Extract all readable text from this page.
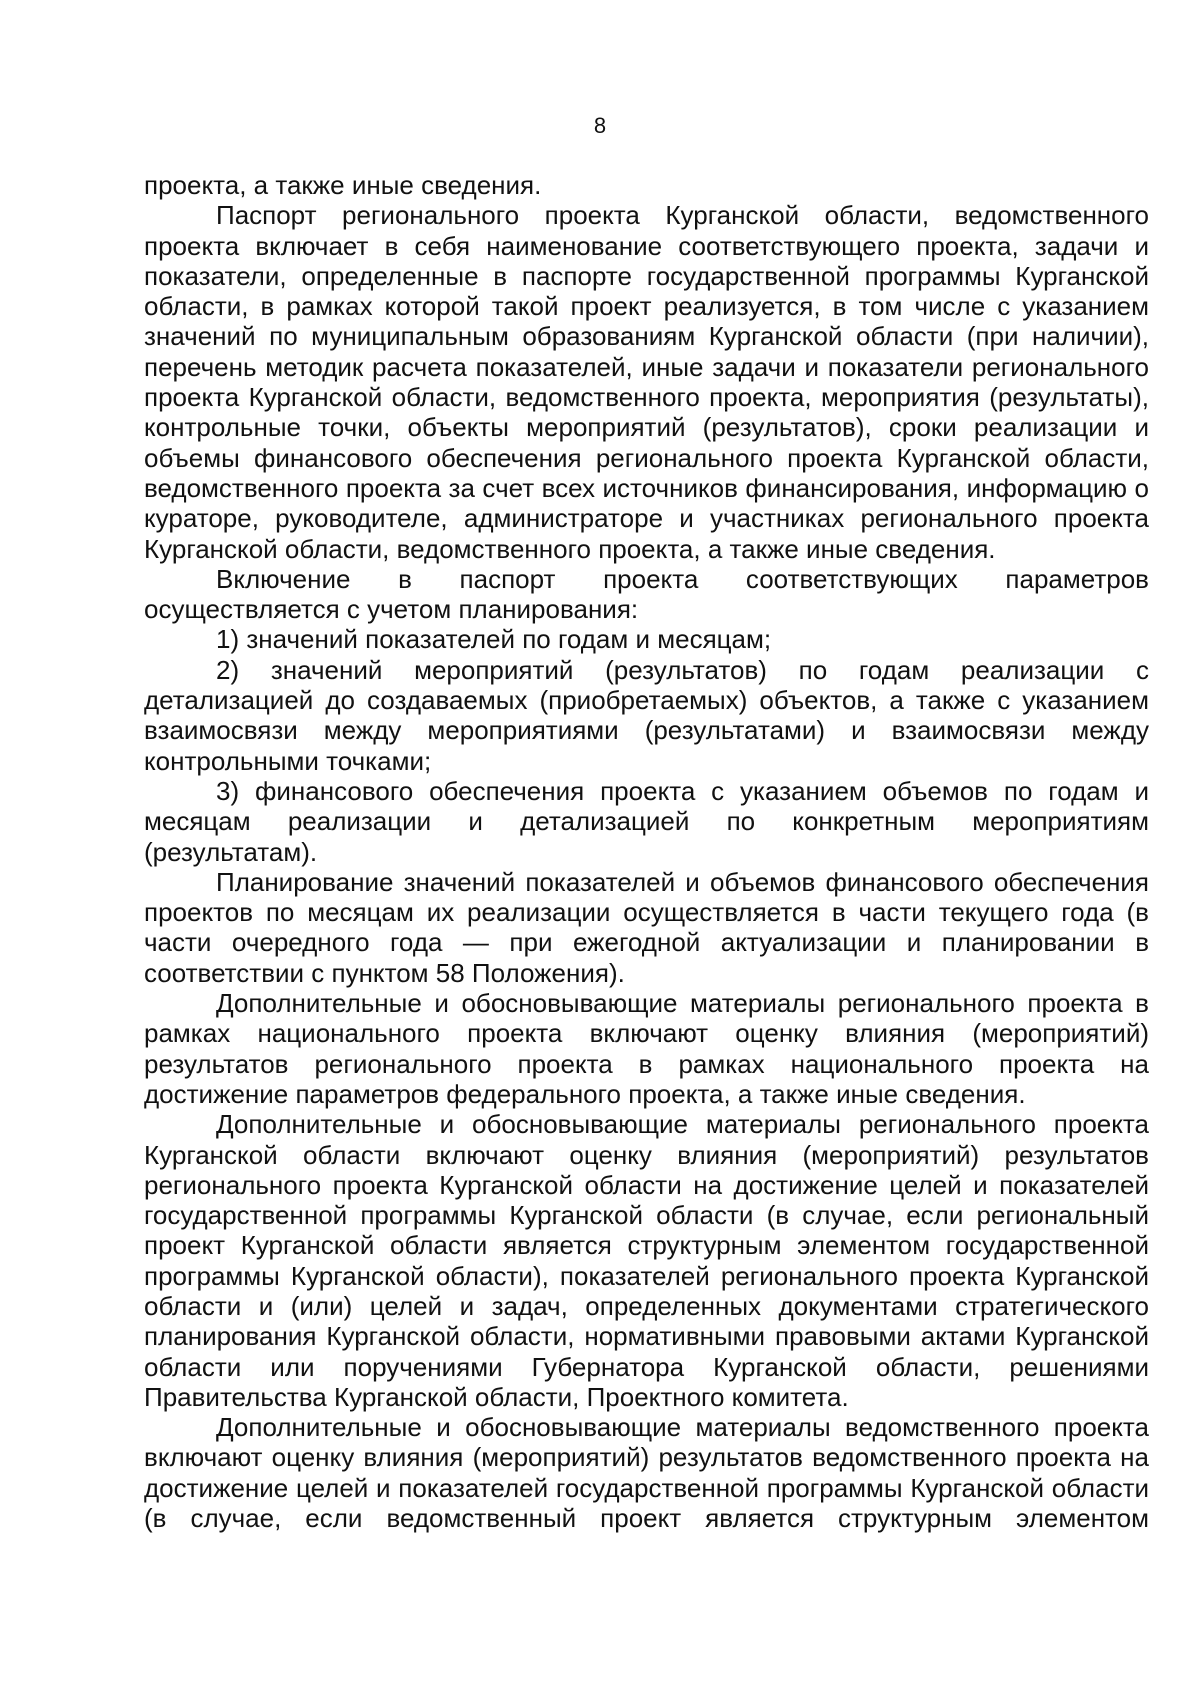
8

проекта, а также иные сведения.

Паспорт регионального проекта Курганской области, ведомственного проекта включает в себя наименование соответствующего проекта, задачи и показатели, определенные в паспорте государственной программы Курганской области, в рамках которой такой проект реализуется, в том числе с указанием значений по муниципальным образованиям Курганской области (при наличии), перечень методик расчета показателей, иные задачи и показатели регионального проекта Курганской области, ведомственного проекта, мероприятия (результаты), контрольные точки, объекты мероприятий (результатов), сроки реализации и объемы финансового обеспечения регионального проекта Курганской области, ведомственного проекта за счет всех источников финансирования, информацию о кураторе, руководителе, администраторе и участниках регионального проекта Курганской области, ведомственного проекта, а также иные сведения.

Включение в паспорт проекта соответствующих параметров осуществляется с учетом планирования:

1) значений показателей по годам и месяцам;

2) значений мероприятий (результатов) по годам реализации с детализацией до создаваемых (приобретаемых) объектов, а также с указанием взаимосвязи между мероприятиями (результатами) и взаимосвязи между контрольными точками;

3) финансового обеспечения проекта с указанием объемов по годам и месяцам реализации и детализацией по конкретным мероприятиям (результатам).

Планирование значений показателей и объемов финансового обеспечения проектов по месяцам их реализации осуществляется в части текущего года (в части очередного года — при ежегодной актуализации и планировании в соответствии с пунктом 58 Положения).

Дополнительные и обосновывающие материалы регионального проекта в рамках национального проекта включают оценку влияния (мероприятий) результатов регионального проекта в рамках национального проекта на достижение параметров федерального проекта, а также иные сведения.

Дополнительные и обосновывающие материалы регионального проекта Курганской области включают оценку влияния (мероприятий) результатов регионального проекта Курганской области на достижение целей и показателей государственной программы Курганской области (в случае, если региональный проект Курганской области является структурным элементом государственной программы Курганской области), показателей регионального проекта Курганской области и (или) целей и задач, определенных документами стратегического планирования Курганской области, нормативными правовыми актами Курганской области или поручениями Губернатора Курганской области, решениями Правительства Курганской области, Проектного комитета.

Дополнительные и обосновывающие материалы ведомственного проекта включают оценку влияния (мероприятий) результатов ведомственного проекта на достижение целей и показателей государственной программы Курганской области (в случае, если ведомственный проект является структурным элементом
